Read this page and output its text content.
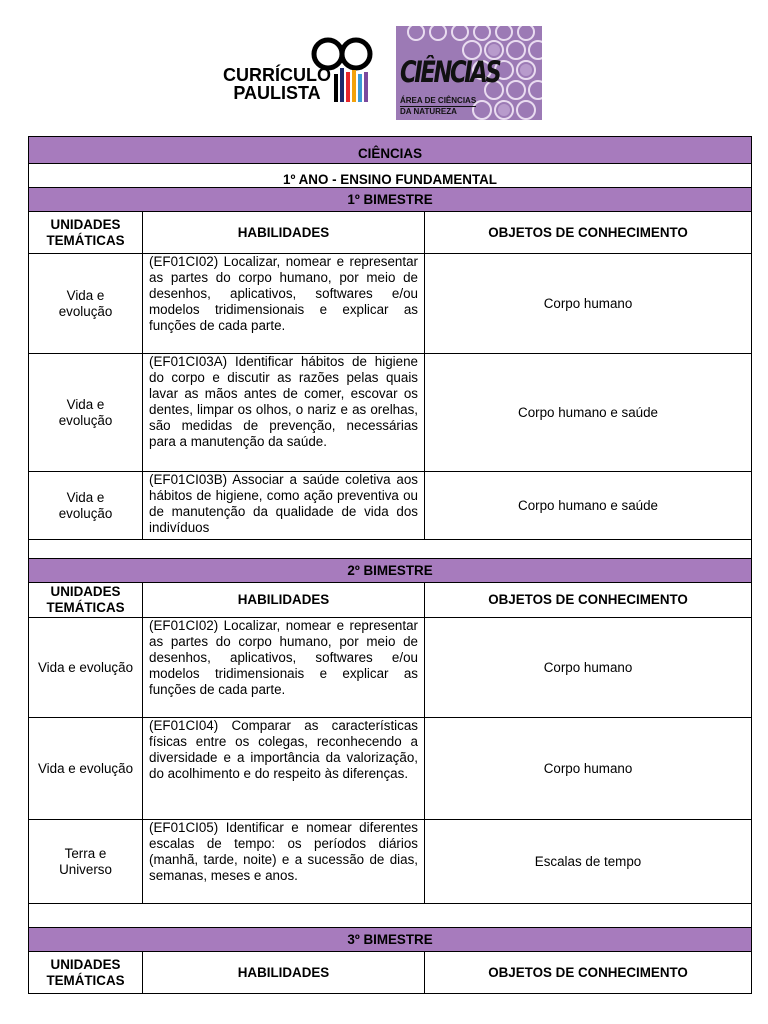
CURRÍCULO
PAULISTA
CIÊNCIAS
ÁREA DE CIÊNCIAS
DA NATUREZA
CIÊNCIAS		
1º ANO - ENSINO FUNDAMENTAL		
1º BIMESTRE		
UNIDADES TEMÁTICAS	HABILIDADES	OBJETOS DE CONHECIMENTO
Vida e evolução	(EF01CI02) Localizar, nomear e representar as partes do corpo humano, por meio de desenhos, aplicativos, softwares e/ou modelos tridimensionais e explicar as funções de cada parte.	Corpo humano
Vida e evolução	(EF01CI03A) Identificar hábitos de higiene do corpo e discutir as razões pelas quais lavar as mãos antes de comer, escovar os dentes, limpar os olhos, o nariz e as orelhas, são medidas de prevenção, necessárias para a manutenção da saúde.	Corpo humano e saúde
Vida e evolução	(EF01CI03B) Associar a saúde coletiva aos hábitos de higiene, como ação preventiva ou de manutenção da qualidade de vida dos indivíduos	Corpo humano e saúde

2º BIMESTRE		
UNIDADES TEMÁTICAS	HABILIDADES	OBJETOS DE CONHECIMENTO
Vida e evolução	(EF01CI02) Localizar, nomear e representar as partes do corpo humano, por meio de desenhos, aplicativos, softwares e/ou modelos tridimensionais e explicar as funções de cada parte.	Corpo humano
Vida e evolução	(EF01CI04) Comparar as características físicas entre os colegas, reconhecendo a diversidade e a importância da valorização, do acolhimento e do respeito às diferenças.	Corpo humano
Terra e Universo	(EF01CI05) Identificar e nomear diferentes escalas de tempo: os períodos diários (manhã, tarde, noite) e a sucessão de dias, semanas, meses e anos.	Escalas de tempo

3º BIMESTRE		
UNIDADES TEMÁTICAS	HABILIDADES	OBJETOS DE CONHECIMENTO
